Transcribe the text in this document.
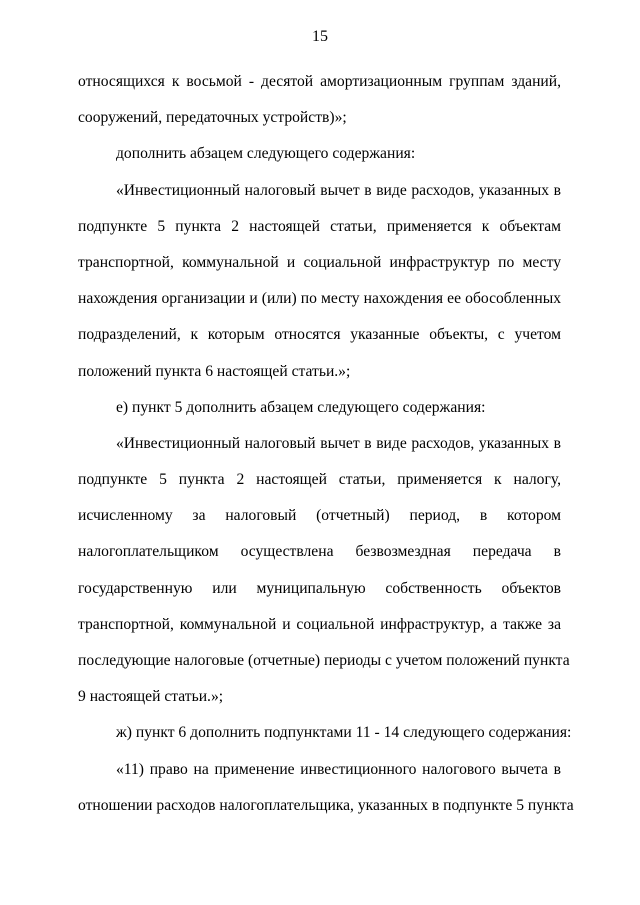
15
относящихся к восьмой - десятой амортизационным группам зданий,
сооружений, передаточных устройств)»;
дополнить абзацем следующего содержания:
«Инвестиционный налоговый вычет в виде расходов, указанных в
подпункте 5 пункта 2 настоящей статьи, применяется к объектам
транспортной, коммунальной и социальной инфраструктур по месту
нахождения организации и (или) по месту нахождения ее обособленных
подразделений, к которым относятся указанные объекты, с учетом
положений пункта 6 настоящей статьи.»;
е) пункт 5 дополнить абзацем следующего содержания:
«Инвестиционный налоговый вычет в виде расходов, указанных в
подпункте 5 пункта 2 настоящей статьи, применяется к налогу,
исчисленному за налоговый (отчетный) период, в котором
налогоплательщиком осуществлена безвозмездная передача в
государственную или муниципальную собственность объектов
транспортной, коммунальной и социальной инфраструктур, а также за
последующие налоговые (отчетные) периоды с учетом положений пункта
9 настоящей статьи.»;
ж) пункт 6 дополнить подпунктами 11 - 14 следующего содержания:
«11) право на применение инвестиционного налогового вычета в
отношении расходов налогоплательщика, указанных в подпункте 5 пункта
